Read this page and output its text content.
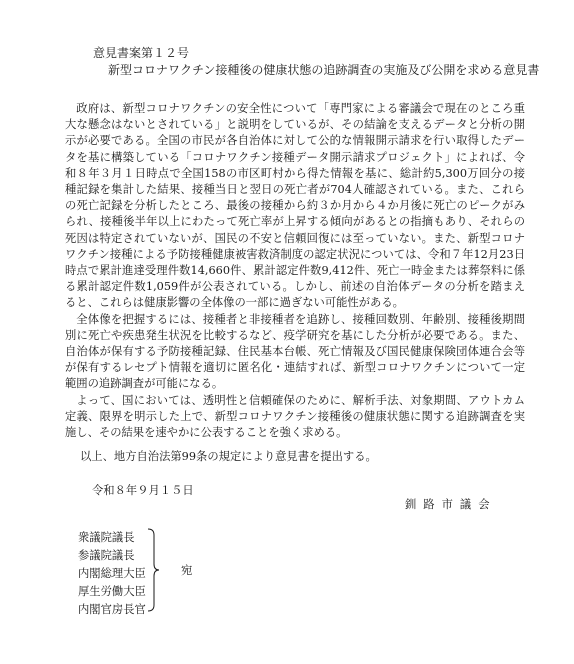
意見書案第１２号
新型コロナワクチン接種後の健康状態の追跡調査の実施及び公開を求める意見書

政府は、新型コロナワクチンの安全性について「専門家による審議会で現在のところ重大な懸念はないとされている」と説明をしているが、その結論を支えるデータと分析の開示が必要である。全国の市民が各自治体に対して公的な情報開示請求を行い取得したデータを基に構築している「コロナワクチン接種データ開示請求プロジェクト」によれば、令和８年３月１日時点で全国158の市区町村から得た情報を基に、総計約5,300万回分の接種記録を集計した結果、接種当日と翌日の死亡者が704人確認されている。また、これらの死亡記録を分析したところ、最後の接種から約３か月から４か月後に死亡のピークがみられ、接種後半年以上にわたって死亡率が上昇する傾向があるとの指摘もあり、それらの死因は特定されていないが、国民の不安と信頼回復には至っていない。また、新型コロナワクチン接種による予防接種健康被害救済制度の認定状況については、令和７年12月23日時点で累計進達受理件数14,660件、累計認定件数9,412件、死亡一時金または葬祭料に係る累計認定件数1,059件が公表されている。しかし、前述の自治体データの分析を踏まえると、これらは健康影響の全体像の一部に過ぎない可能性がある。

全体像を把握するには、接種者と非接種者を追跡し、接種回数別、年齢別、接種後期間別に死亡や疾患発生状況を比較するなど、疫学研究を基にした分析が必要である。また、自治体が保有する予防接種記録、住民基本台帳、死亡情報及び国民健康保険団体連合会等が保有するレセプト情報を適切に匿名化・連結すれば、新型コロナワクチンについて一定範囲の追跡調査が可能になる。

よって、国においては、透明性と信頼確保のために、解析手法、対象期間、アウトカム定義、限界を明示した上で、新型コロナワクチン接種後の健康状態に関する追跡調査を実施し、その結果を速やかに公表することを強く求める。

以上、地方自治法第99条の規定により意見書を提出する。
令和８年９月１５日
釧路市議会
衆議院議長
参議院議長
内閣総理大臣
厚生労働大臣
内閣官房長官
宛
